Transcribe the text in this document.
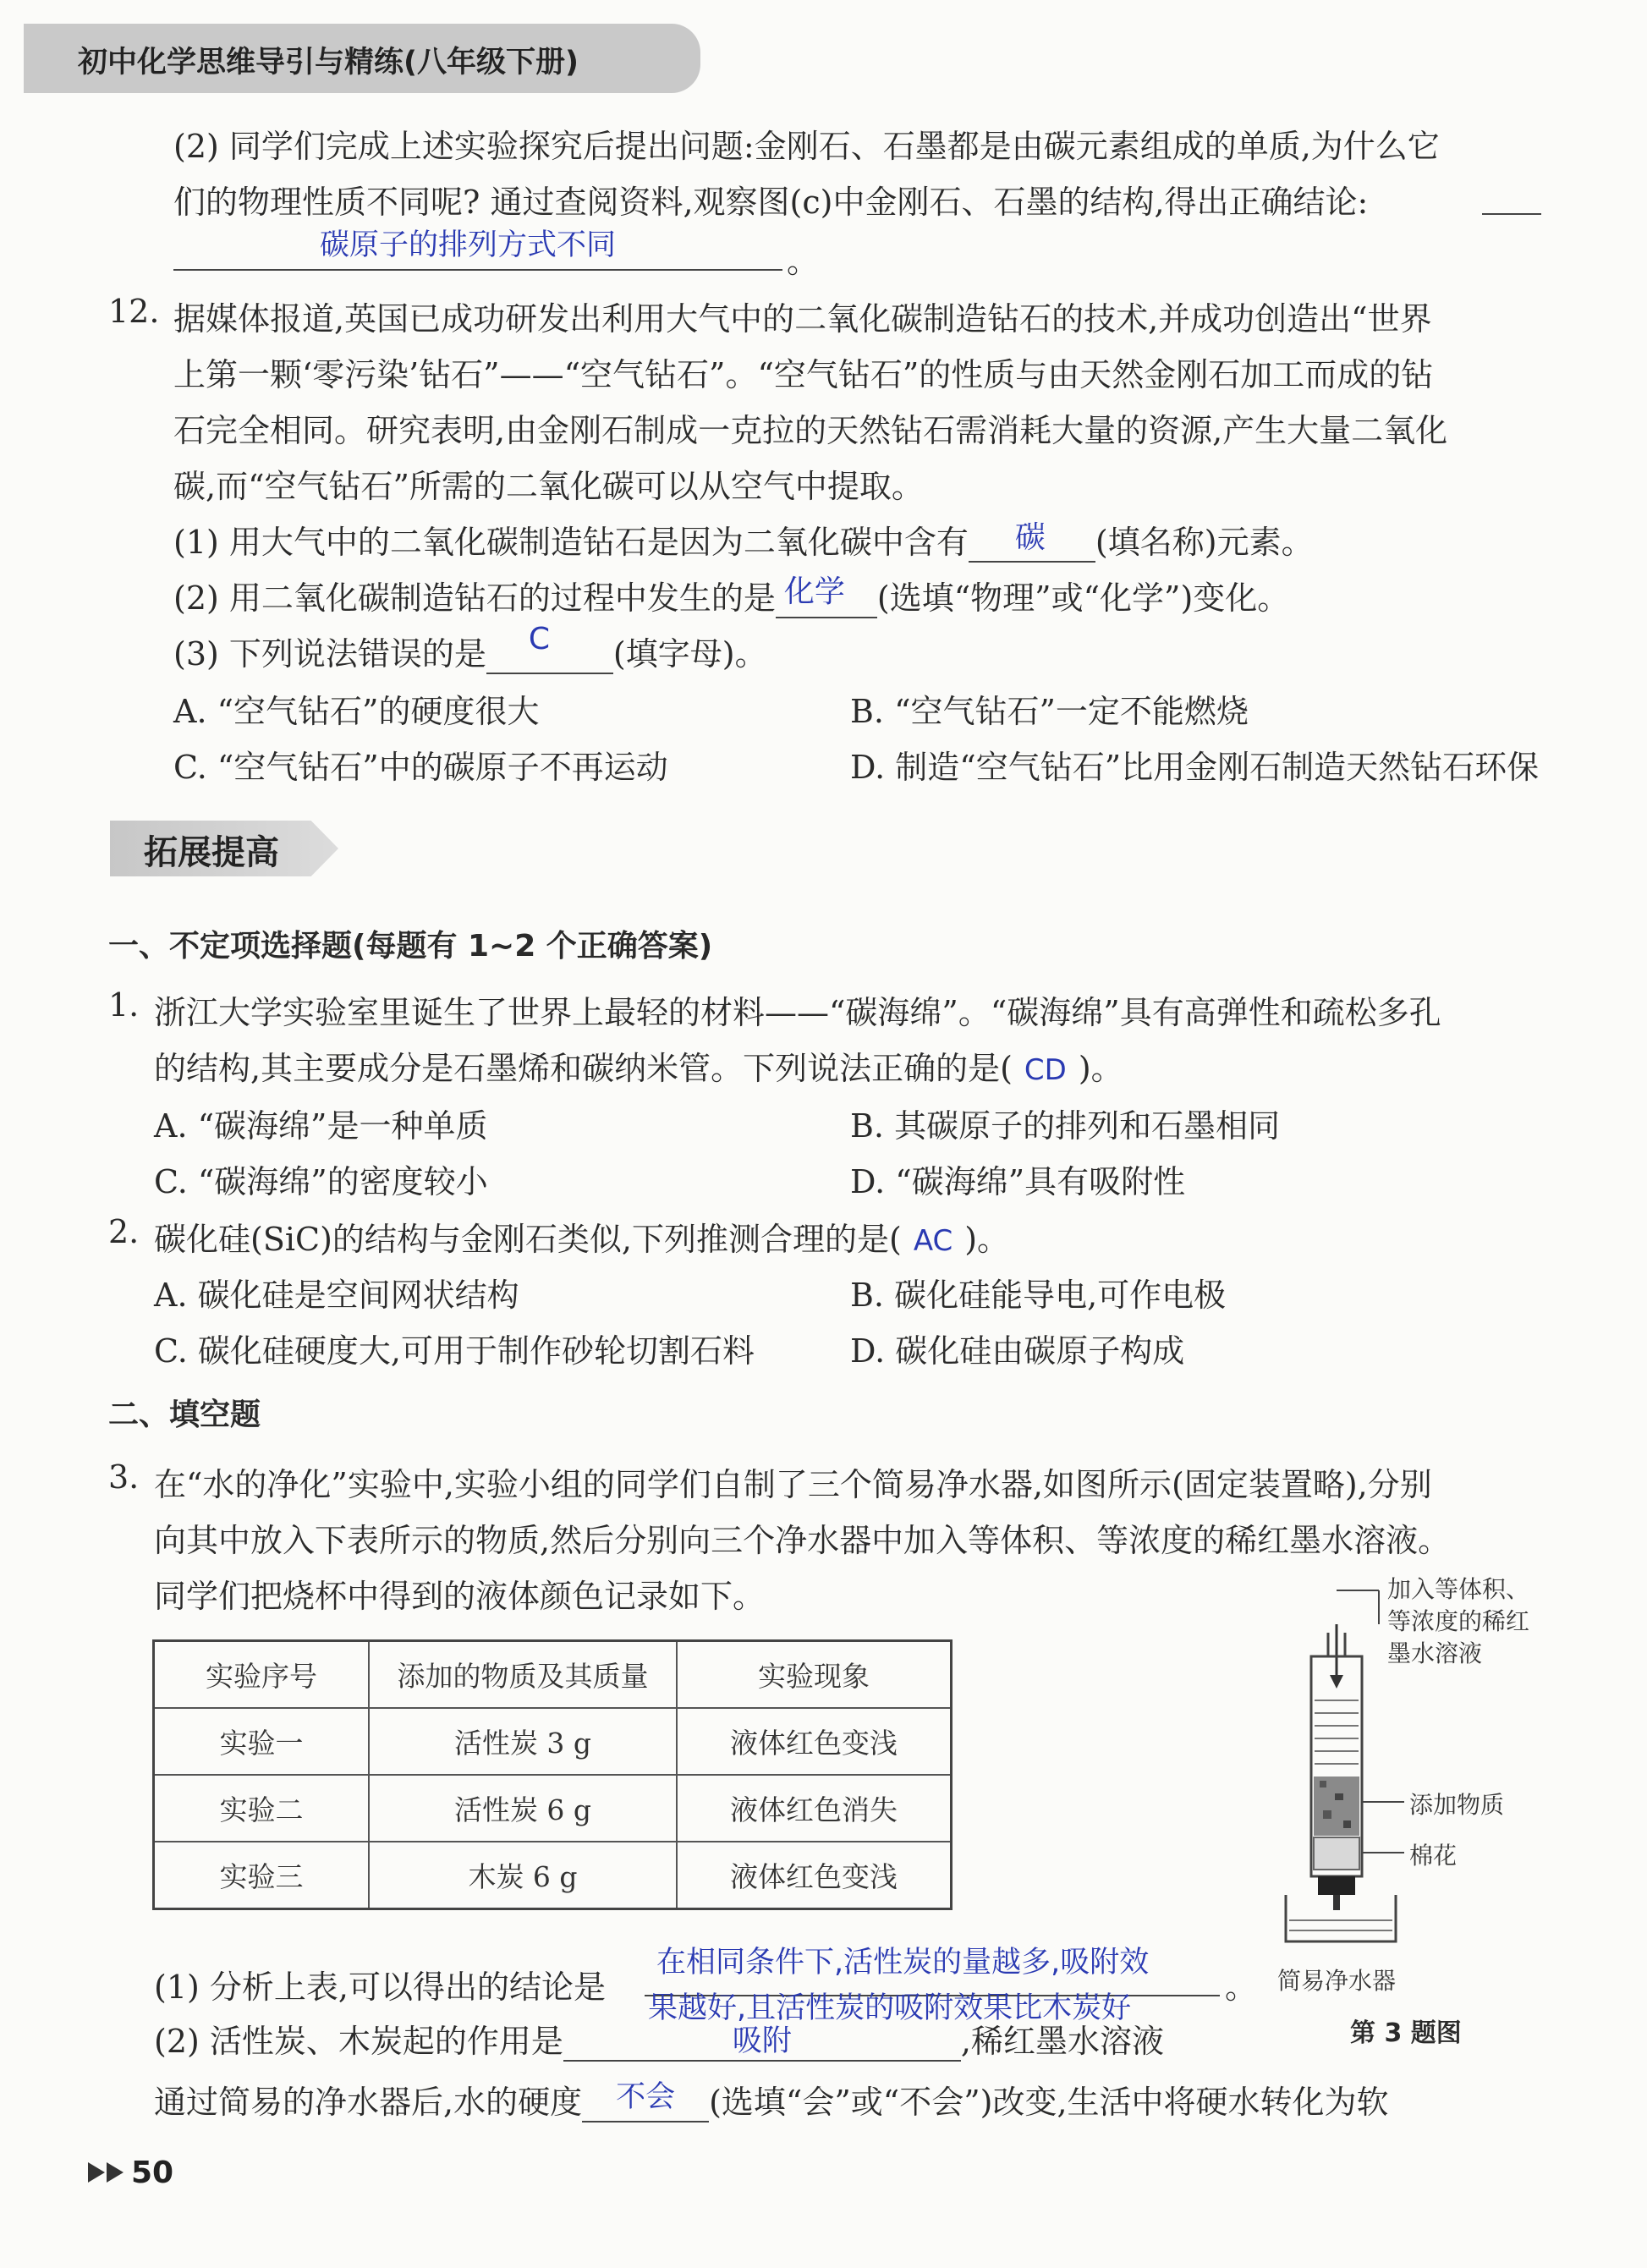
初中化学思维导引与精练(八年级下册)
(2) 同学们完成上述实验探究后提出问题:金刚石、石墨都是由碳元素组成的单质,为什么它
们的物理性质不同呢? 通过查阅资料,观察图(c)中金刚石、石墨的结构,得出正确结论:
碳原子的排列方式不同	。
12. 据媒体报道,英国已成功研发出利用大气中的二氧化碳制造钻石的技术,并成功创造出“世界
上第一颗‘零污染’钻石”——“空气钻石”。“空气钻石”的性质与由天然金刚石加工而成的钻
石完全相同。研究表明,由金刚石制成一克拉的天然钻石需消耗大量的资源,产生大量二氧化
碳,而“空气钻石”所需的二氧化碳可以从空气中提取。
(1) 用大气中的二氧化碳制造钻石是因为二氧化碳中含有 碳 (填名称)元素。
(2) 用二氧化碳制造钻石的过程中发生的是 化学 (选填“物理”或“化学”)变化。
(3) 下列说法错误的是 C (填字母)。
A. “空气钻石”的硬度很大	B. “空气钻石”一定不能燃烧
C. “空气钻石”中的碳原子不再运动	D. 制造“空气钻石”比用金刚石制造天然钻石环保
拓展提高
一、不定项选择题(每题有 1~2 个正确答案)
1. 浙江大学实验室里诞生了世界上最轻的材料——“碳海绵”。“碳海绵”具有高弹性和疏松多孔
的结构,其主要成分是石墨烯和碳纳米管。下列说法正确的是( CD )。
A. “碳海绵”是一种单质	B. 其碳原子的排列和石墨相同
C. “碳海绵”的密度较小	D. “碳海绵”具有吸附性
2. 碳化硅(SiC)的结构与金刚石类似,下列推测合理的是( AC )。
A. 碳化硅是空间网状结构	B. 碳化硅能导电,可作电极
C. 碳化硅硬度大,可用于制作砂轮切割石料	D. 碳化硅由碳原子构成
二、填空题
3. 在“水的净化”实验中,实验小组的同学们自制了三个简易净水器,如图所示(固定装置略),分别
向其中放入下表所示的物质,然后分别向三个净水器中加入等体积、等浓度的稀红墨水溶液。
同学们把烧杯中得到的液体颜色记录如下。
实验序号	添加的物质及其质量	实验现象
实验一	活性炭 3 g	液体红色变浅
实验二	活性炭 6 g	液体红色消失
实验三	木炭 6 g	液体红色变浅
加入等体积、
等浓度的稀红
墨水溶液
添加物质
棉花
简易净水器
第 3 题图
(1) 分析上表,可以得出的结论是
在相同条件下,活性炭的量越多,吸附效
果越好,且活性炭的吸附效果比木炭好
。
(2) 活性炭、木炭起的作用是	吸附	,稀红墨水溶液
通过简易的净水器后,水的硬度 不会 (选填“会”或“不会”)改变,生活中将硬水转化为软
50
